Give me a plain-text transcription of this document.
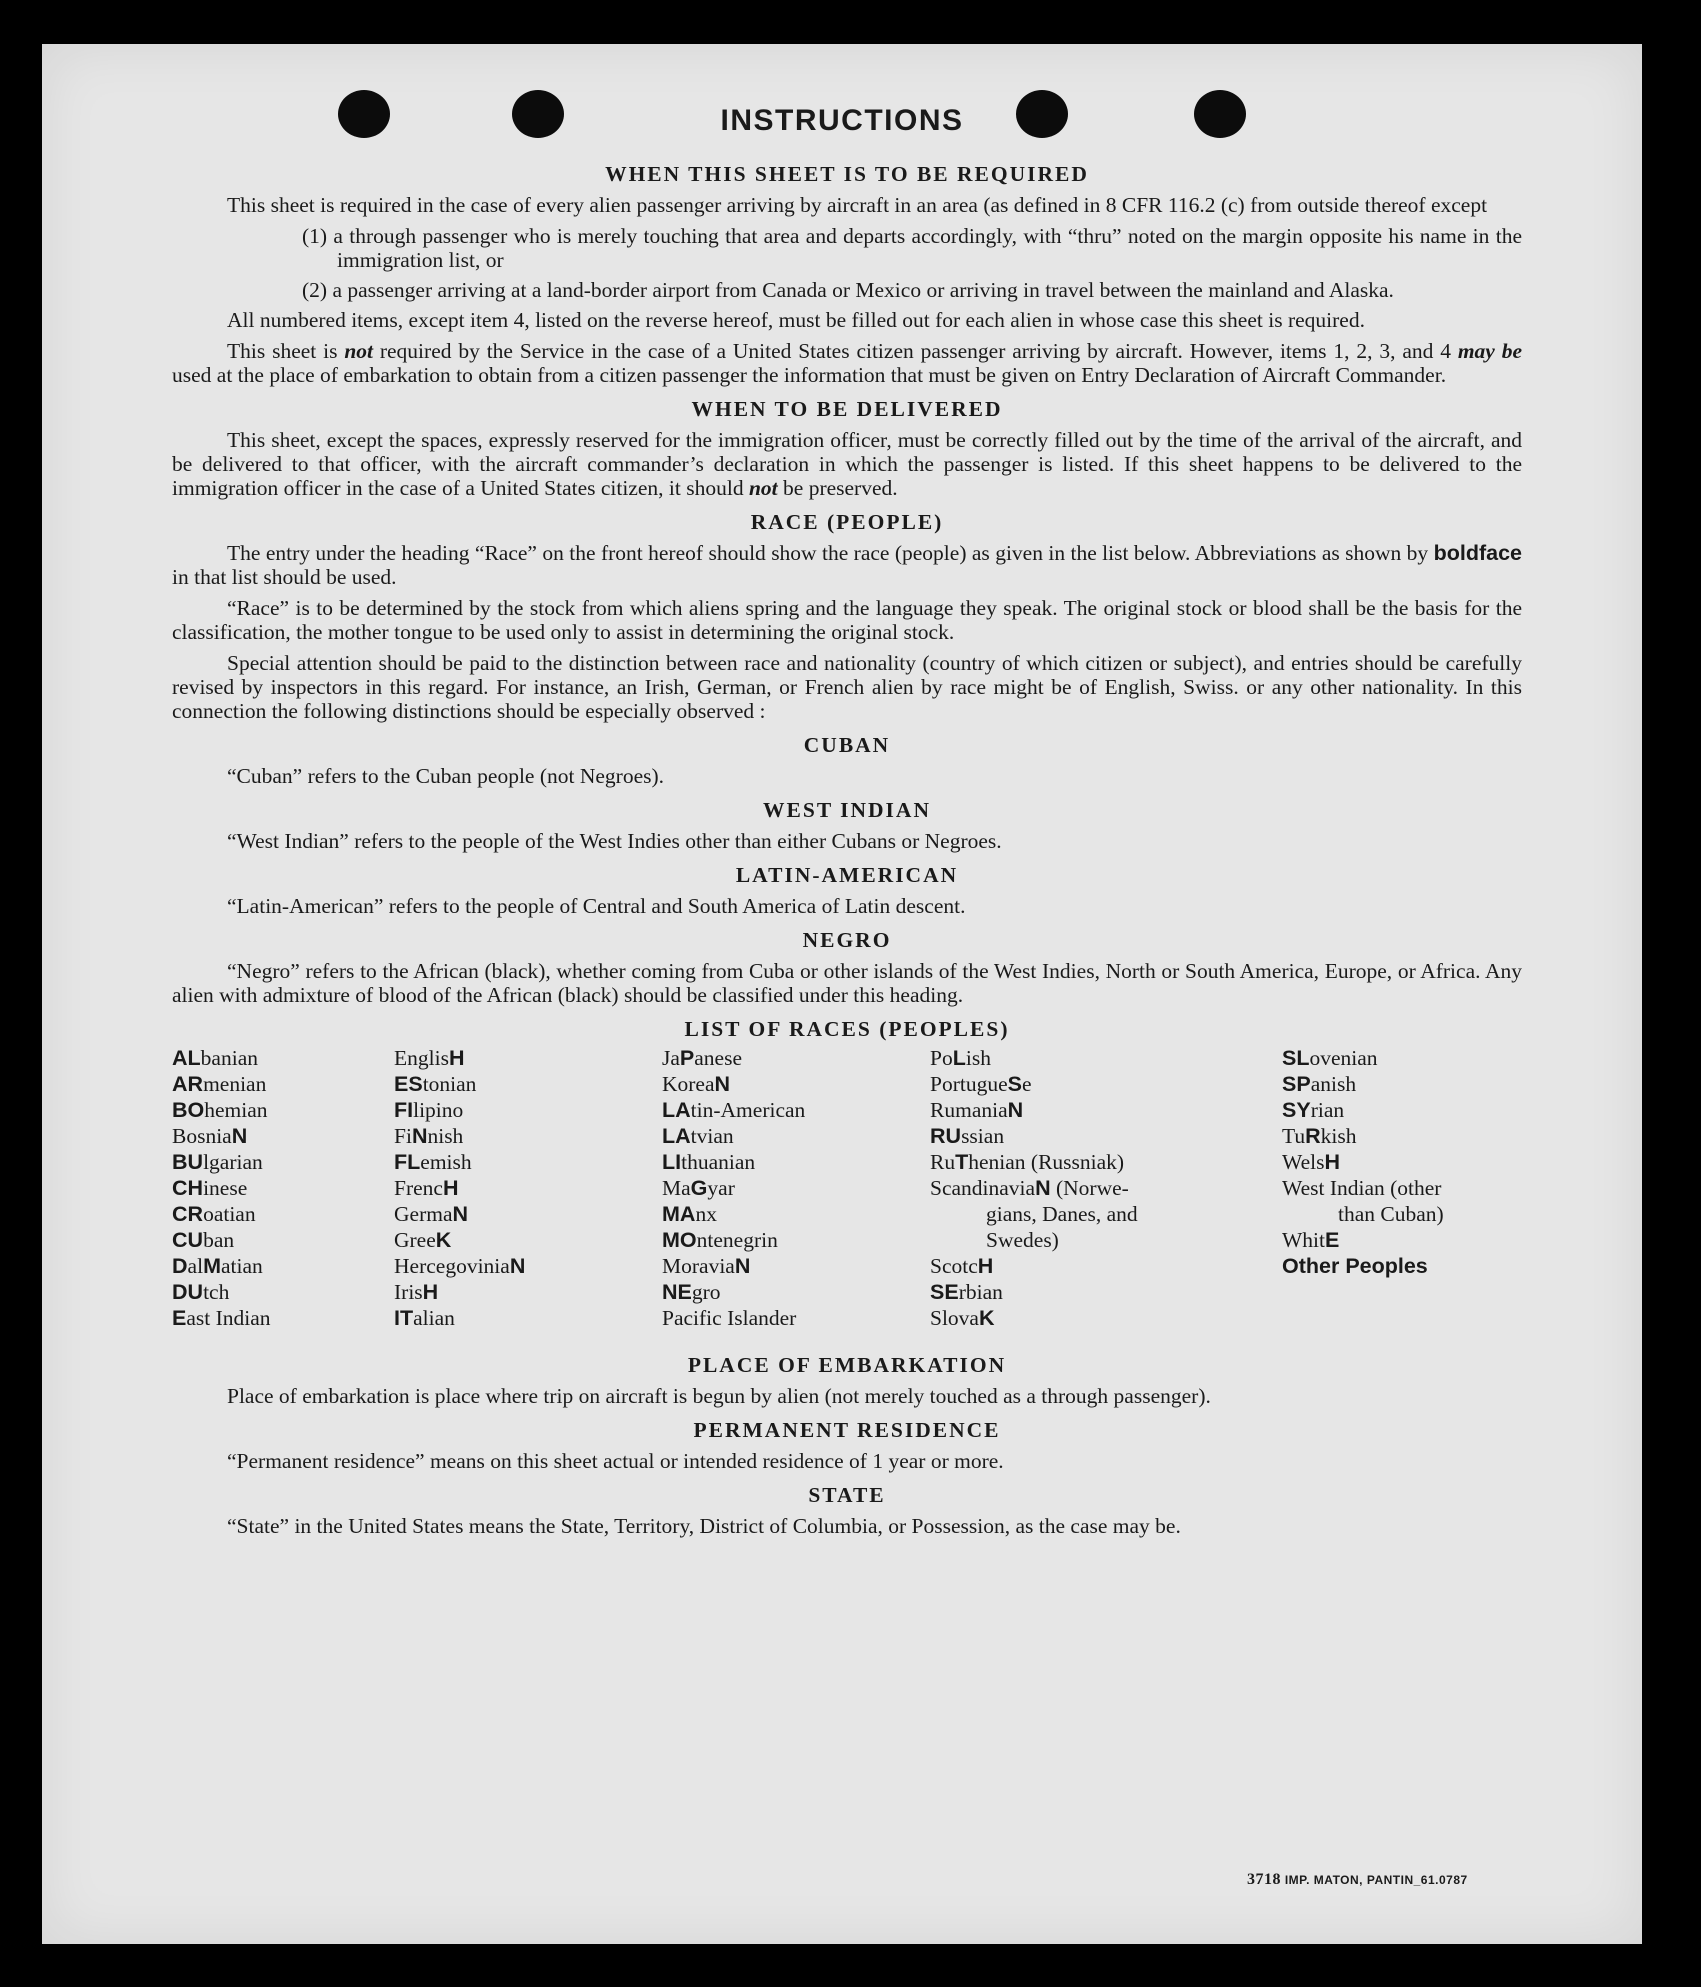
INSTRUCTIONS
WHEN THIS SHEET IS TO BE REQUIRED

This sheet is required in the case of every alien passenger arriving by aircraft in an area (as defined in 8 CFR 116.2 (c) from outside thereof except

(1) a through passenger who is merely touching that area and departs accordingly, with “thru” noted on the margin opposite his name in the immigration list, or

(2) a passenger arriving at a land-border airport from Canada or Mexico or arriving in travel between the mainland and Alaska.

All numbered items, except item 4, listed on the reverse hereof, must be filled out for each alien in whose case this sheet is required.

This sheet is not required by the Service in the case of a United States citizen passenger arriving by aircraft. However, items 1, 2, 3, and 4 may be used at the place of embarkation to obtain from a citizen passenger the information that must be given on Entry Declaration of Aircraft Commander.

WHEN TO BE DELIVERED

This sheet, except the spaces, expressly reserved for the immigration officer, must be correctly filled out by the time of the arrival of the aircraft, and be delivered to that officer, with the aircraft commander’s declaration in which the passenger is listed. If this sheet happens to be delivered to the immigration officer in the case of a United States citizen, it should not be preserved.

RACE (PEOPLE)

The entry under the heading “Race” on the front hereof should show the race (people) as given in the list below. Abbreviations as shown by boldface in that list should be used.

“Race” is to be determined by the stock from which aliens spring and the language they speak. The original stock or blood shall be the basis for the classification, the mother tongue to be used only to assist in determining the original stock.

Special attention should be paid to the distinction between race and nationality (country of which citizen or subject), and entries should be carefully revised by inspectors in this regard. For instance, an Irish, German, or French alien by race might be of English, Swiss. or any other nationality. In this connection the following distinctions should be especially observed :

CUBAN

“Cuban” refers to the Cuban people (not Negroes).

WEST INDIAN

“West Indian” refers to the people of the West Indies other than either Cubans or Negroes.

LATIN-AMERICAN

“Latin-American” refers to the people of Central and South America of Latin descent.

NEGRO

“Negro” refers to the African (black), whether coming from Cuba or other islands of the West Indies, North or South America, Europe, or Africa. Any alien with admixture of blood of the African (black) should be classified under this heading.

LIST OF RACES (PEOPLES)
ALbanian
ARmenian
BOhemian
BosniaN
BUlgarian
CHinese
CRoatian
CUban
DalMatian
DUtch
East Indian
EnglisH
EStonian
FIlipino
FiNnish
FLemish
FrencH
GermaN
GreeK
HercegoviniaN
IrisH
ITalian
JaPanese
KoreaN
LAtin-American
LAtvian
LIthuanian
MaGyar
MAnx
MOntenegrin
MoraviaN
NEgro
Pacific Islander
PoLish
PortugueSe
RumaniaN
RUssian
RuThenian (Russniak)
ScandinaviaN (Norwe-
gians, Danes, and
Swedes)
ScotcH
SErbian
SlovaK
SLovenian
SPanish
SYrian
TuRkish
WelsH
West Indian (other
than Cuban)
WhitE
Other Peoples
PLACE OF EMBARKATION

Place of embarkation is place where trip on aircraft is begun by alien (not merely touched as a through passenger).

PERMANENT RESIDENCE

“Permanent residence” means on this sheet actual or intended residence of 1 year or more.

STATE

“State” in the United States means the State, Territory, District of Columbia, or Possession, as the case may be.

3718 IMP. MATON, PANTIN_61.0787
